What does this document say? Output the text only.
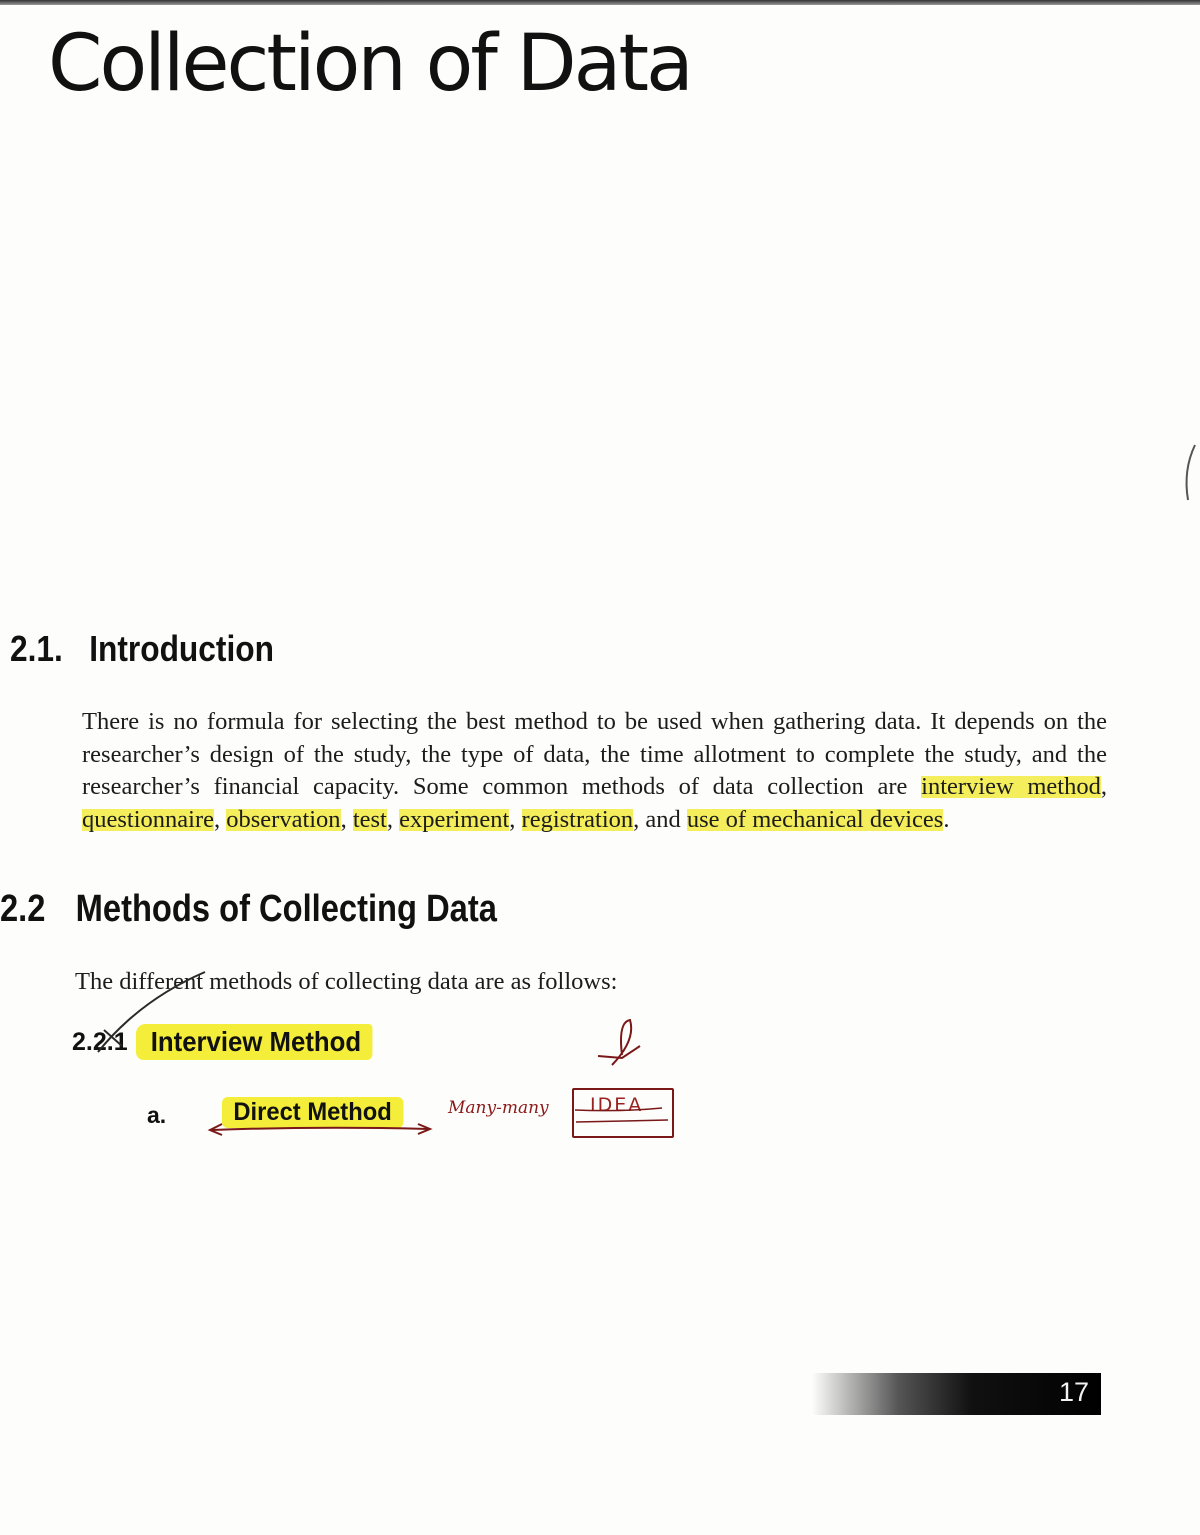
Collection of Data
2.1. Introduction

There is no formula for selecting the best method to be used when gathering data. It depends on the researcher’s design of the study, the type of data, the time allotment to complete the study, and the researcher’s financial capacity. Some common methods of data collection are interview method, questionnaire, observation, test, experiment, registration, and use of mechanical devices.

2.2 Methods of Collecting Data

The different methods of collecting data are as follows:

2.2.1 Interview Method
a.	Direct Method	Many-many IDEA

17
